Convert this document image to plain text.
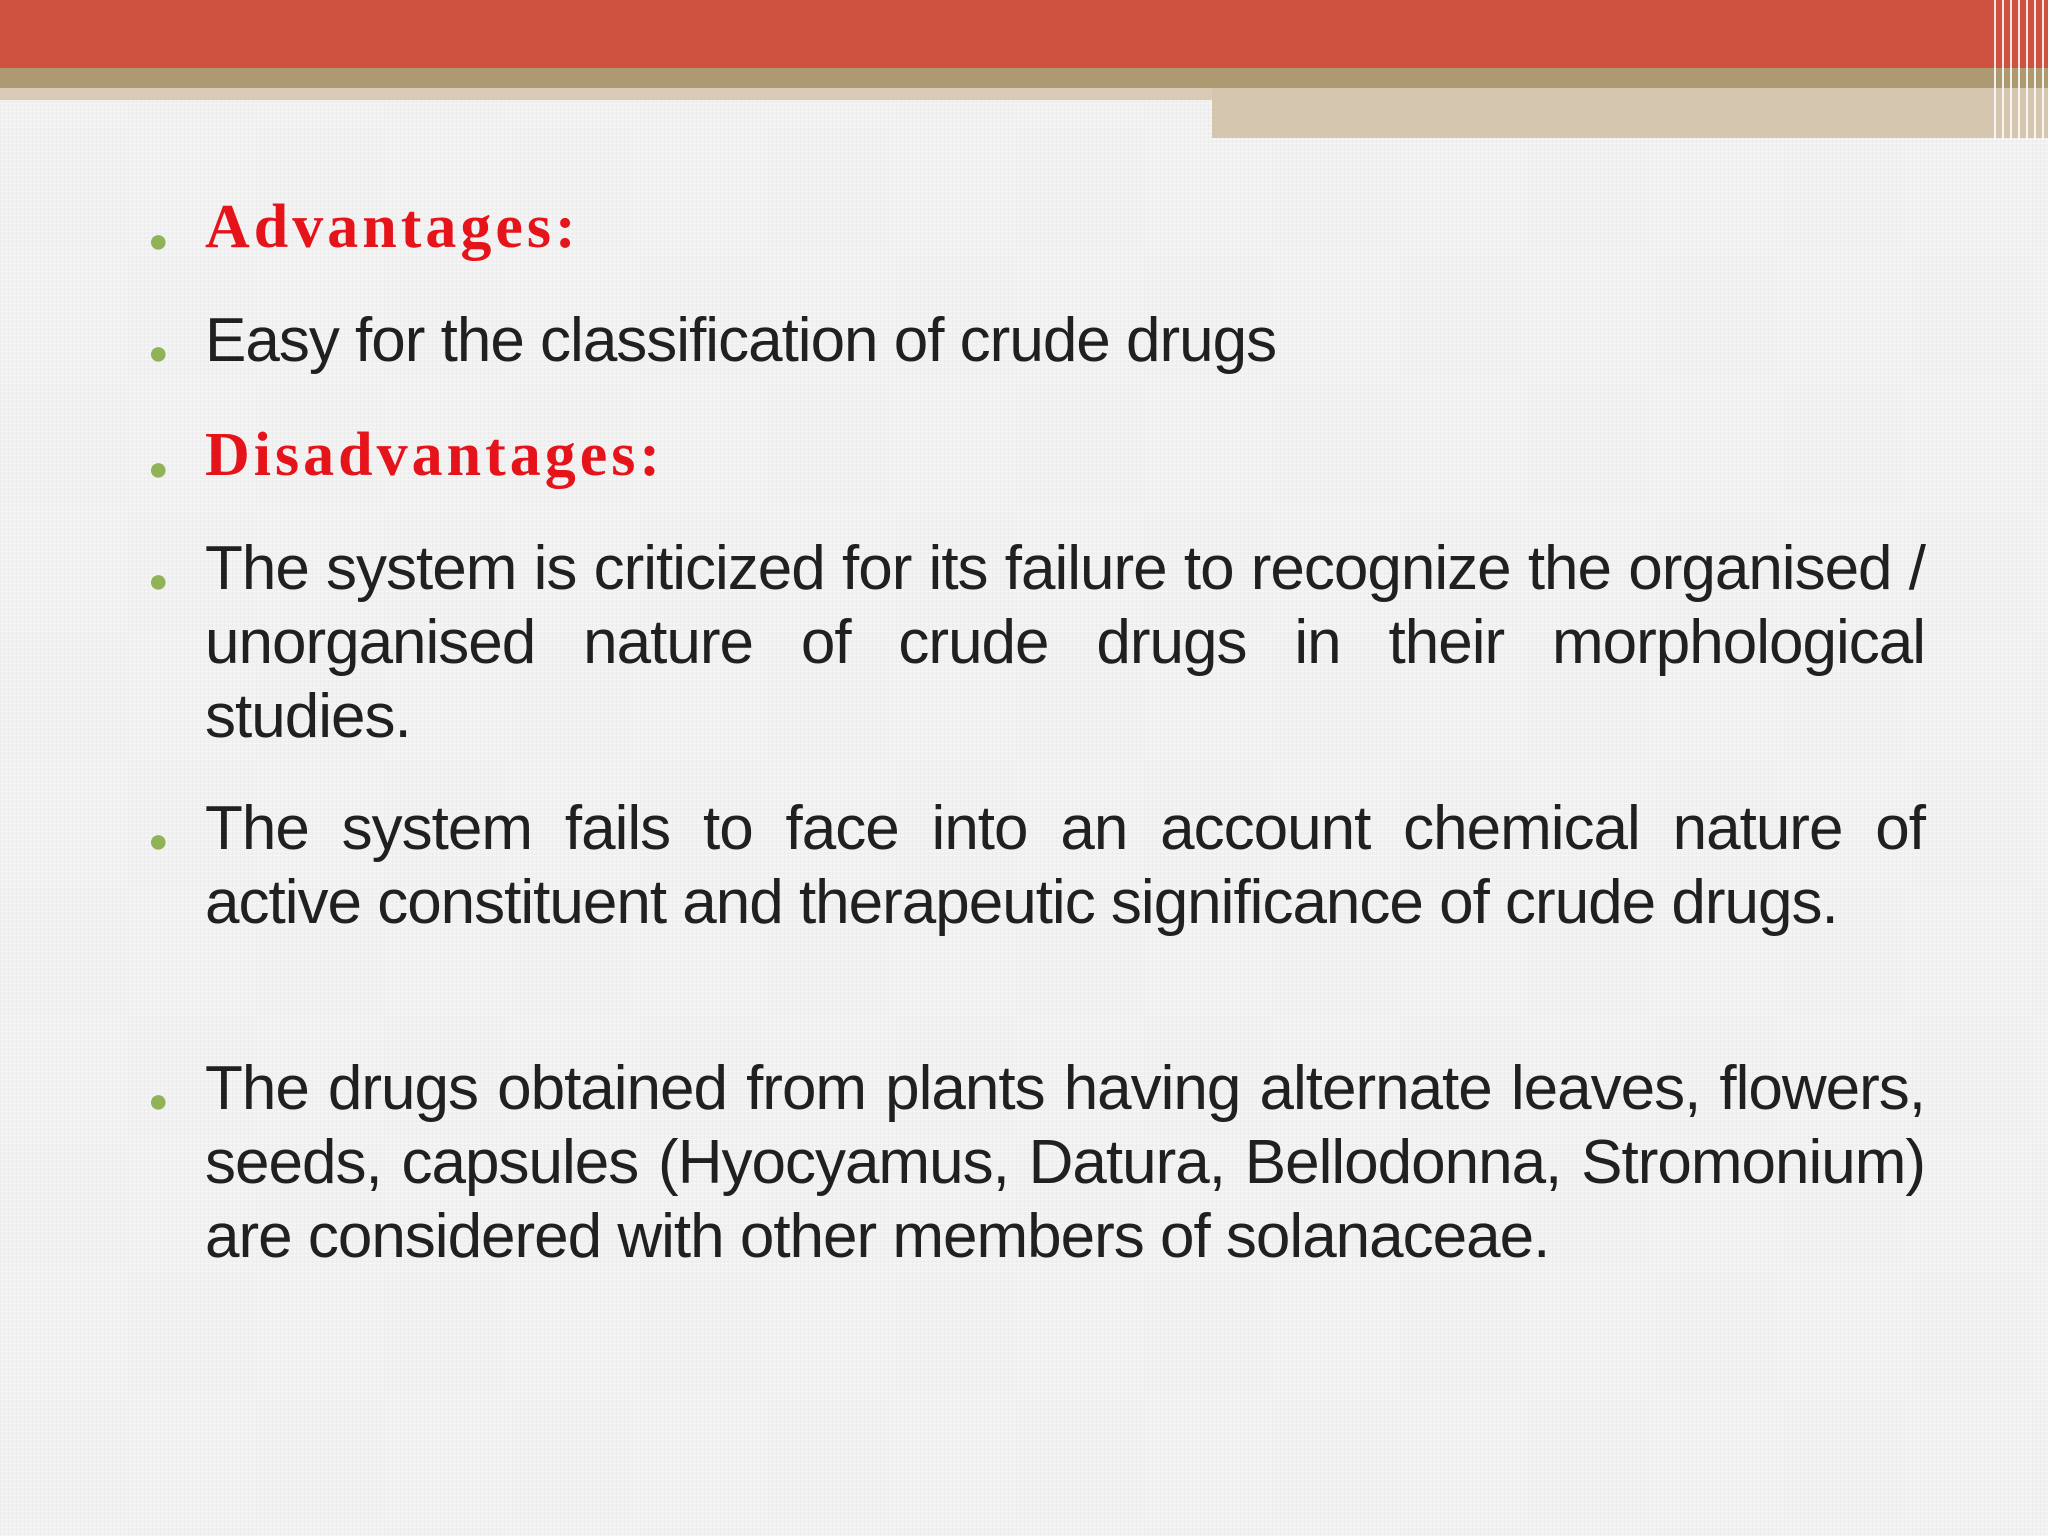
● Advantages:
● Easy for the classification of crude drugs
● Disadvantages:
● The system is criticized for its failure to recognize the organised / unorganised nature of crude drugs in their morphological studies.
● The system fails to face into an account chemical nature of active constituent and therapeutic significance of crude drugs.
● The drugs obtained from plants having alternate leaves, flowers, seeds, capsules (Hyocyamus, Datura, Bellodonna, Stromonium) are considered with other members of solanaceae.
